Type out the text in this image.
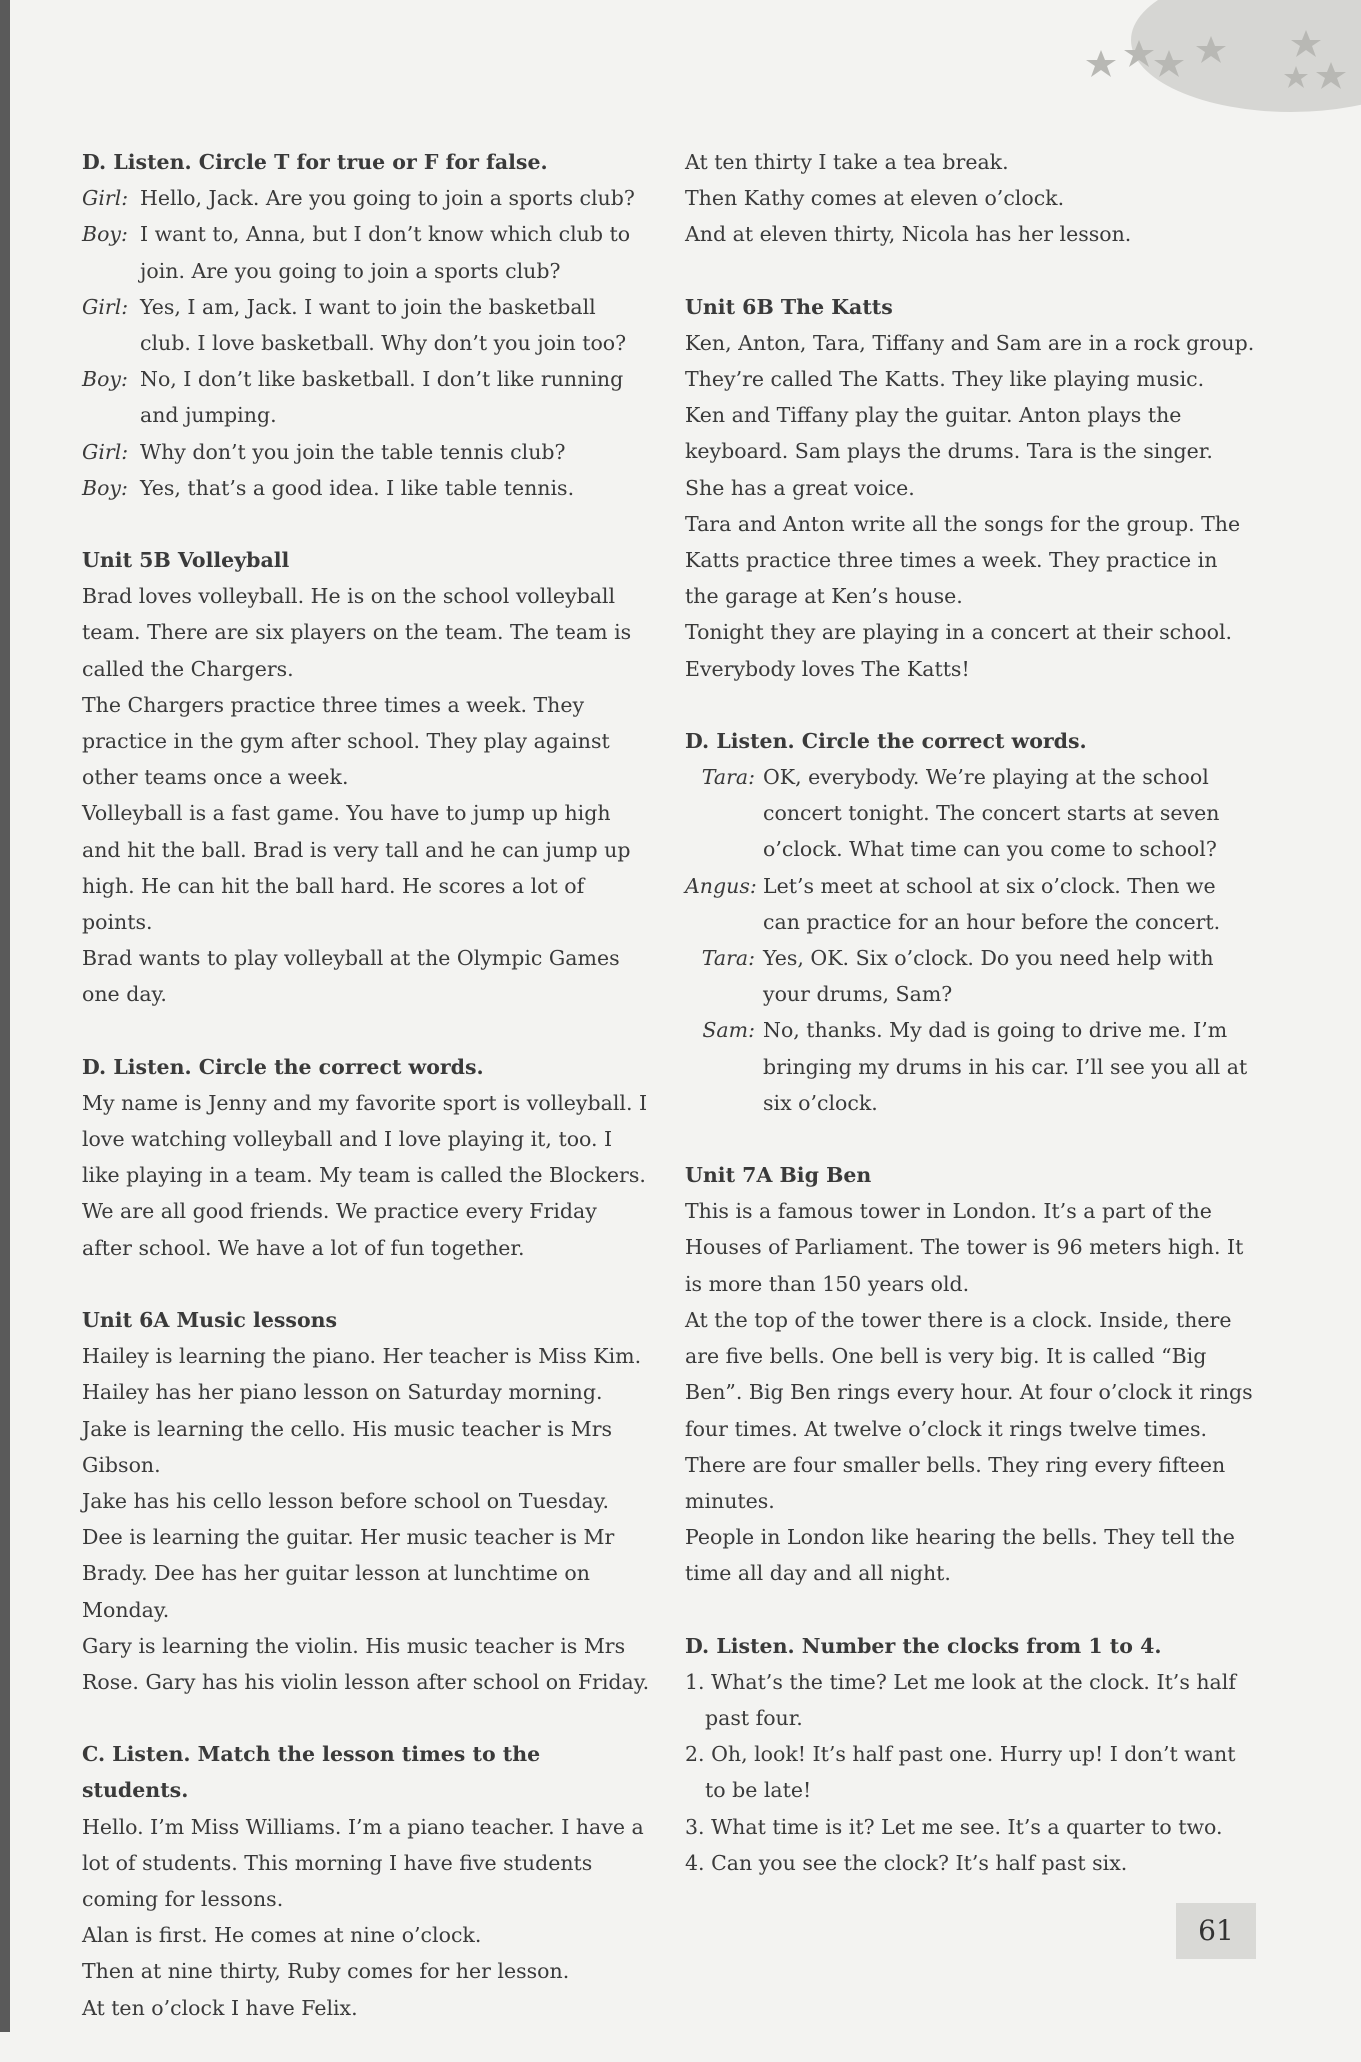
D. Listen. Circle T for true or F for false.
Girl: Hello, Jack. Are you going to join a sports club?
Boy: I want to, Anna, but I don’t know which club to join. Are you going to join a sports club?
Girl: Yes, I am, Jack. I want to join the basketball club. I love basketball. Why don’t you join too?
Boy: No, I don’t like basketball. I don’t like running and jumping.
Girl: Why don’t you join the table tennis club?
Boy: Yes, that’s a good idea. I like table tennis.
Unit 5B Volleyball
Brad loves volleyball. He is on the school volleyball team. There are six players on the team. The team is called the Chargers.
The Chargers practice three times a week. They practice in the gym after school. They play against other teams once a week.
Volleyball is a fast game. You have to jump up high and hit the ball. Brad is very tall and he can jump up high. He can hit the ball hard. He scores a lot of points.
Brad wants to play volleyball at the Olympic Games one day.
D. Listen. Circle the correct words.
My name is Jenny and my favorite sport is volleyball. I love watching volleyball and I love playing it, too. I like playing in a team. My team is called the Blockers. We are all good friends. We practice every Friday after school. We have a lot of fun together.
Unit 6A Music lessons
Hailey is learning the piano. Her teacher is Miss Kim.
Hailey has her piano lesson on Saturday morning.
Jake is learning the cello. His music teacher is Mrs Gibson.
Jake has his cello lesson before school on Tuesday.
Dee is learning the guitar. Her music teacher is Mr Brady. Dee has her guitar lesson at lunchtime on Monday.
Gary is learning the violin. His music teacher is Mrs Rose. Gary has his violin lesson after school on Friday.
C. Listen. Match the lesson times to the students.
Hello. I’m Miss Williams. I’m a piano teacher. I have a lot of students. This morning I have five students coming for lessons.
Alan is first. He comes at nine o’clock.
Then at nine thirty, Ruby comes for her lesson.
At ten o’clock I have Felix.
At ten thirty I take a tea break.
Then Kathy comes at eleven o’clock.
And at eleven thirty, Nicola has her lesson.
Unit 6B The Katts
Ken, Anton, Tara, Tiffany and Sam are in a rock group. They’re called The Katts. They like playing music.
Ken and Tiffany play the guitar. Anton plays the keyboard. Sam plays the drums. Tara is the singer. She has a great voice.
Tara and Anton write all the songs for the group. The Katts practice three times a week. They practice in the garage at Ken’s house.
Tonight they are playing in a concert at their school.
Everybody loves The Katts!
D. Listen. Circle the correct words.
Tara: OK, everybody. We’re playing at the school concert tonight. The concert starts at seven o’clock. What time can you come to school?
Angus: Let’s meet at school at six o’clock. Then we can practice for an hour before the concert.
Tara: Yes, OK. Six o’clock. Do you need help with your drums, Sam?
Sam: No, thanks. My dad is going to drive me. I’m bringing my drums in his car. I’ll see you all at six o’clock.
Unit 7A Big Ben
This is a famous tower in London. It’s a part of the Houses of Parliament. The tower is 96 meters high. It is more than 150 years old.
At the top of the tower there is a clock. Inside, there are five bells. One bell is very big. It is called “Big Ben”. Big Ben rings every hour. At four o’clock it rings four times. At twelve o’clock it rings twelve times. There are four smaller bells. They ring every fifteen minutes.
People in London like hearing the bells. They tell the time all day and all night.
D. Listen. Number the clocks from 1 to 4.
1. What’s the time? Let me look at the clock. It’s half past four.
2. Oh, look! It’s half past one. Hurry up! I don’t want to be late!
3. What time is it? Let me see. It’s a quarter to two.
4. Can you see the clock? It’s half past six.
61
